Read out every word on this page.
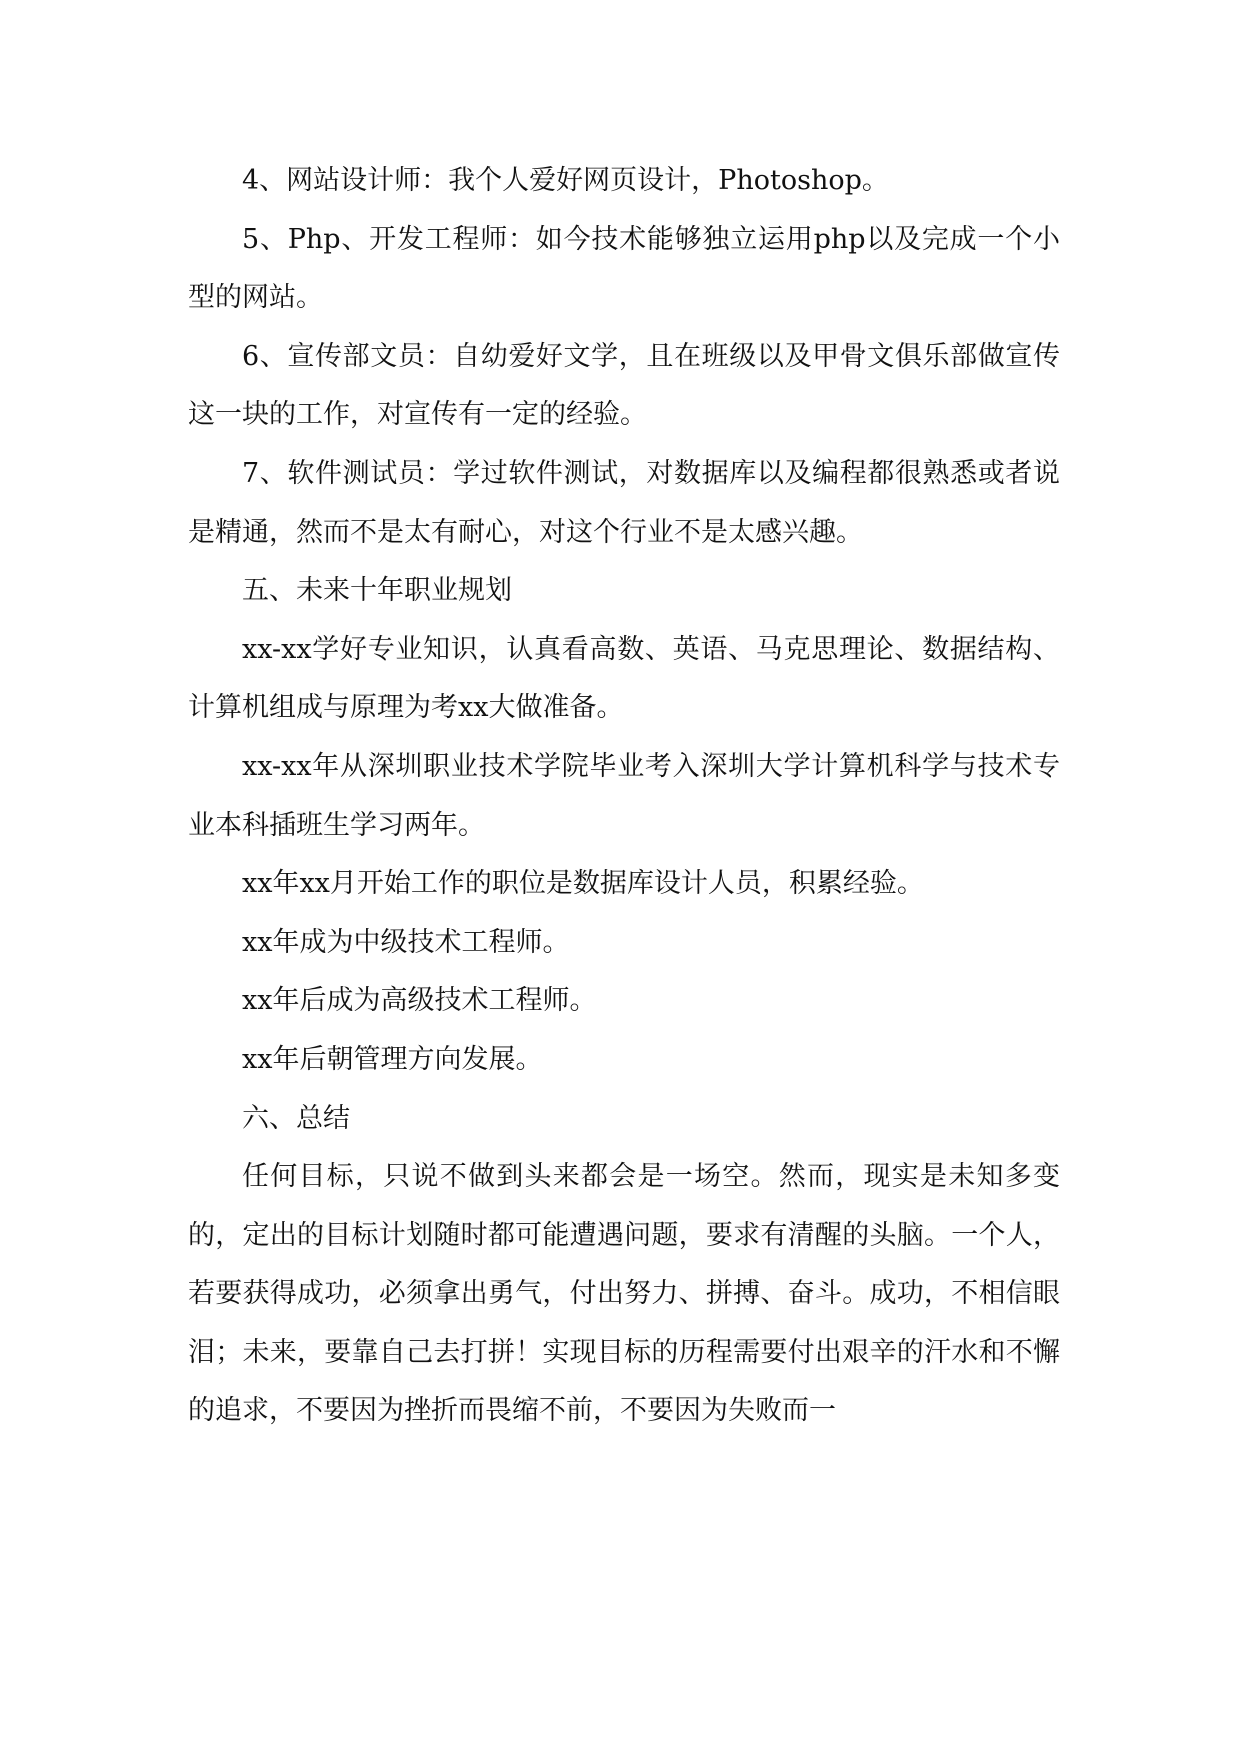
4、网站设计师：我个人爱好网页设计，Photoshop。

5、Php、开发工程师：如今技术能够独立运用php以及完成一个小型的网站。

6、宣传部文员：自幼爱好文学，且在班级以及甲骨文俱乐部做宣传这一块的工作，对宣传有一定的经验。

7、软件测试员：学过软件测试，对数据库以及编程都很熟悉或者说是精通，然而不是太有耐心，对这个行业不是太感兴趣。

五、未来十年职业规划

xx-xx学好专业知识，认真看高数、英语、马克思理论、数据结构、计算机组成与原理为考xx大做准备。

xx-xx年从深圳职业技术学院毕业考入深圳大学计算机科学与技术专业本科插班生学习两年。

xx年xx月开始工作的职位是数据库设计人员，积累经验。

xx年成为中级技术工程师。

xx年后成为高级技术工程师。

xx年后朝管理方向发展。

六、总结

任何目标，只说不做到头来都会是一场空。然而，现实是未知多变的，定出的目标计划随时都可能遭遇问题，要求有清醒的头脑。一个人，若要获得成功，必须拿出勇气，付出努力、拼搏、奋斗。成功，不相信眼泪；未来，要靠自己去打拼！实现目标的历程需要付出艰辛的汗水和不懈的追求，不要因为挫折而畏缩不前，不要因为失败而一
